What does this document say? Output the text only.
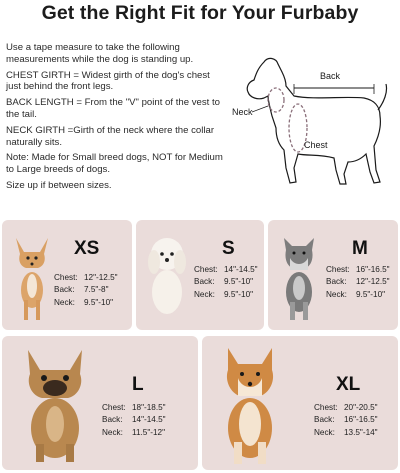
Get the Right Fit for Your Furbaby

Use a tape measure to take the following measurements while the dog is standing up.

CHEST GIRTH = Widest girth of the dog's chest just behind the front legs.

BACK LENGTH = From the "V" point of the vest to the tail.

NECK GIRTH =Girth of the neck where the collar naturally sits.

Note: Made for Small breed dogs, NOT for Medium to Large breeds of dogs.

Size up if between sizes.

Back
Neck
Chest
XS
Chest: 12"-12.5"
Back: 7.5"-8"
Neck: 9.5"-10"
S
Chest: 14"-14.5"
Back: 9.5"-10"
Neck: 9.5"-10"
M
Chest: 16"-16.5"
Back: 12"-12.5"
Neck: 9.5"-10"
L
Chest: 18"-18.5"
Back: 14"-14.5"
Neck: 11.5"-12"
XL
Chest: 20"-20.5"
Back: 16"-16.5"
Neck: 13.5"-14"
